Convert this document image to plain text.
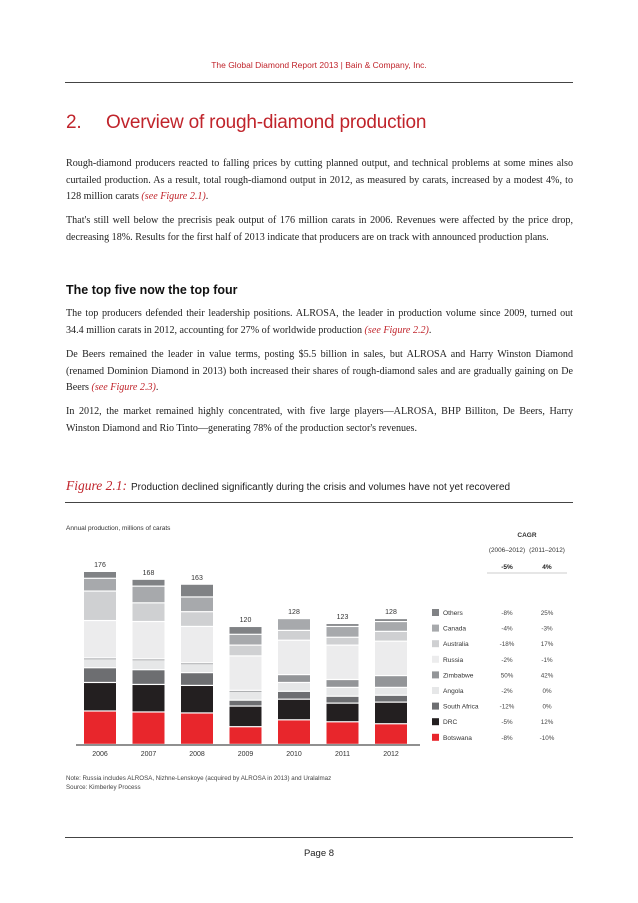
The Global Diamond Report 2013 | Bain & Company, Inc.
2. Overview of rough-diamond production

Rough-diamond producers reacted to falling prices by cutting planned output, and technical problems at some mines also curtailed production. As a result, total rough-diamond output in 2012, as measured by carats, increased by a modest 4%, to 128 million carats (see Figure 2.1).

That's still well below the precrisis peak output of 176 million carats in 2006. Revenues were affected by the price drop, decreasing 18%. Results for the first half of 2013 indicate that producers are on track with announced production plans.

The top five now the top four

The top producers defended their leadership positions. ALROSA, the leader in production volume since 2009, turned out 34.4 million carats in 2012, accounting for 27% of worldwide production (see Figure 2.2).

De Beers remained the leader in value terms, posting $5.5 billion in sales, but ALROSA and Harry Winston Diamond (renamed Dominion Diamond in 2013) both increased their shares of rough-diamond sales and are gradually gaining on De Beers (see Figure 2.3).

In 2012, the market remained highly concentrated, with five large players—ALROSA, BHP Billiton, De Beers, Harry Winston Diamond and Rio Tinto—generating 78% of the production sector's revenues.

Figure 2.1: Production declined significantly during the crisis and volumes have not yet recovered
Annual production, millions of carats
176
168
163
120
128
123
128
2006	2007	2008	2009	2010	2011	2012
Others	-8%	25%
Canada	-4%	-3%
Australia	-18%	17%
Russia	-2%	-1%
Zimbabwe	50%	42%
Angola	-2%	0%
South Africa	-12%	0%
DRC	-5%	12%
Botswana	-8%	-10%
CAGR
(2006–2012) (2011–2012)
-5%	4%
Note: Russia includes ALROSA, Nizhne-Lenskoye (acquired by ALROSA in 2013) and Uralalmaz
Source: Kimberley Process
Page 8
